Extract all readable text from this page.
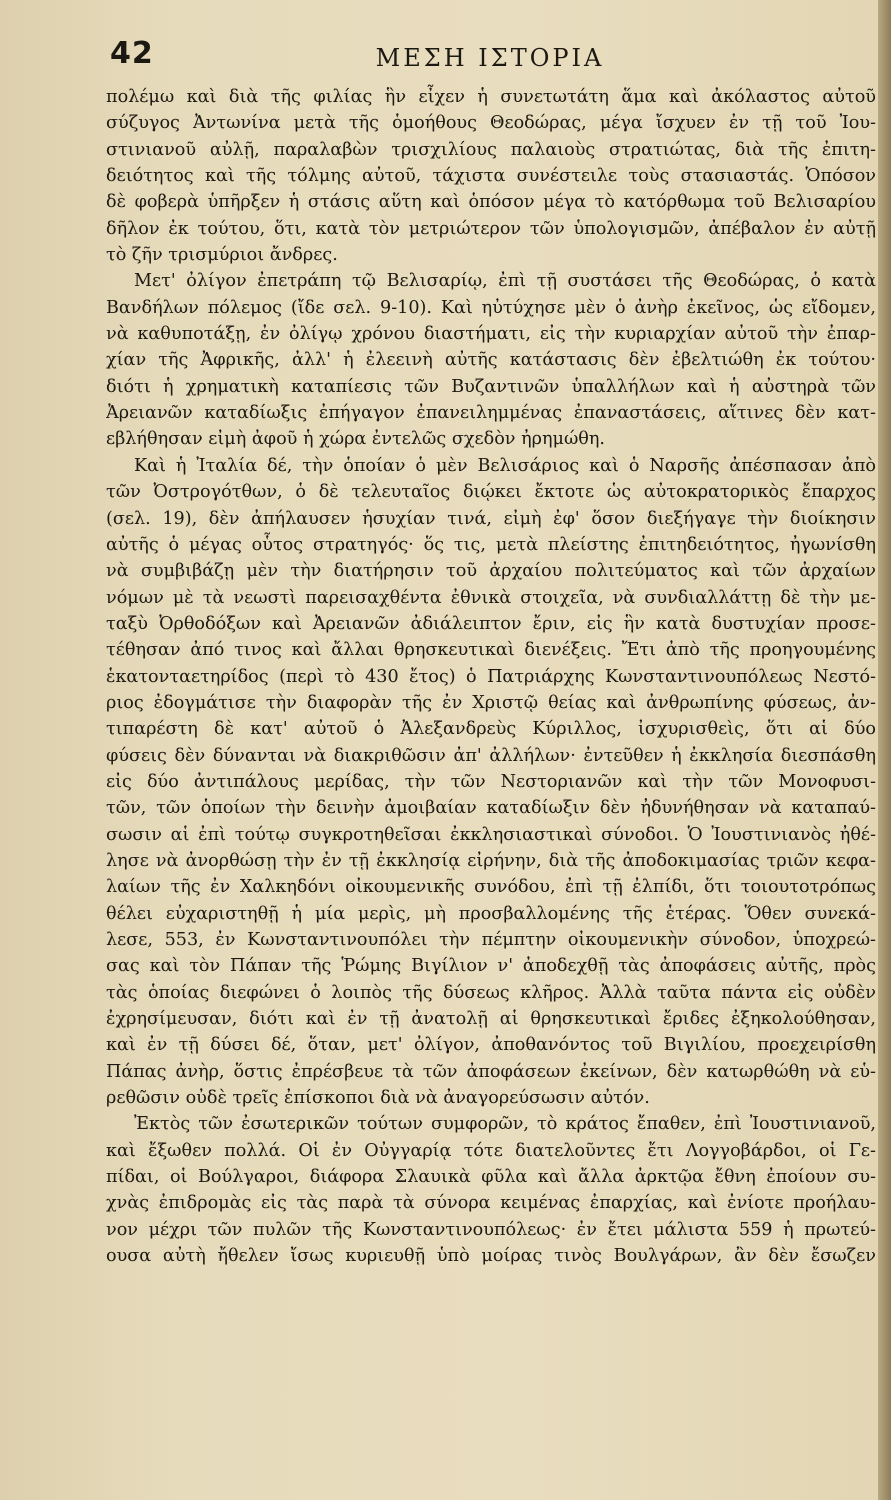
42	ΜΕΣΗ ΙΣΤΟΡΙΑ
πολέμω καὶ διὰ τῆς φιλίας ἣν εἶχεν ἡ συνετωτάτη ἅμα καὶ ἀκόλαστος αὐτοῦ
σύζυγος Ἀντωνίνα μετὰ τῆς ὁμοήθους Θεοδώρας, μέγα ἴσχυεν ἐν τῇ τοῦ Ἰου-
στινιανοῦ αὐλῇ, παραλαβὼν τρισχιλίους παλαιοὺς στρατιώτας, διὰ τῆς ἐπιτη-
δειότητος καὶ τῆς τόλμης αὐτοῦ, τάχιστα συνέστειλε τοὺς στασιαστάς. Ὁπόσον
δὲ φοβερὰ ὑπῆρξεν ἡ στάσις αὕτη καὶ ὁπόσον μέγα τὸ κατόρθωμα τοῦ Βελισαρίου
δῆλον ἐκ τούτου, ὅτι, κατὰ τὸν μετριώτερον τῶν ὑπολογισμῶν, ἀπέβαλον ἐν αὐτῇ
τὸ ζῆν τρισμύριοι ἄνδρες.
Μετ' ὀλίγον ἐπετράπη τῷ Βελισαρίῳ, ἐπὶ τῇ συστάσει τῆς Θεοδώρας, ὁ κατὰ
Βανδήλων πόλεμος (ἴδε σελ. 9-10). Καὶ ηὐτύχησε μὲν ὁ ἀνὴρ ἐκεῖνος, ὡς εἴδομεν,
νὰ καθυποτάξῃ, ἐν ὀλίγῳ χρόνου διαστήματι, εἰς τὴν κυριαρχίαν αὐτοῦ τὴν ἐπαρ-
χίαν τῆς Ἀφρικῆς, ἀλλ' ἡ ἐλεεινὴ αὐτῆς κατάστασις δὲν ἐβελτιώθη ἐκ τούτου·
διότι ἡ χρηματικὴ καταπίεσις τῶν Βυζαντινῶν ὑπαλλήλων καὶ ἡ αὐστηρὰ τῶν
Ἀρειανῶν καταδίωξις ἐπήγαγον ἐπανειλημμένας ἐπαναστάσεις, αἵτινες δὲν κατ-
εβλήθησαν εἰμὴ ἀφοῦ ἡ χώρα ἐντελῶς σχεδὸν ἠρημώθη.
Καὶ ἡ Ἰταλία δέ, τὴν ὁποίαν ὁ μὲν Βελισάριος καὶ ὁ Ναρσῆς ἀπέσπασαν ἀπὸ
τῶν Ὀστρογότθων, ὁ δὲ τελευταῖος διῴκει ἔκτοτε ὡς αὐτοκρατορικὸς ἔπαρχος
(σελ. 19), δὲν ἀπήλαυσεν ἡσυχίαν τινά, εἰμὴ ἐφ' ὅσον διεξήγαγε τὴν διοίκησιν
αὐτῆς ὁ μέγας οὗτος στρατηγός· ὅς τις, μετὰ πλείστης ἐπιτηδειότητος, ἠγωνίσθη
νὰ συμβιβάζῃ μὲν τὴν διατήρησιν τοῦ ἀρχαίου πολιτεύματος καὶ τῶν ἀρχαίων
νόμων μὲ τὰ νεωστὶ παρεισαχθέντα ἐθνικὰ στοιχεῖα, νὰ συνδιαλλάττῃ δὲ τὴν με-
ταξὺ Ὀρθοδόξων καὶ Ἀρειανῶν ἀδιάλειπτον ἔριν, εἰς ἣν κατὰ δυστυχίαν προσε-
τέθησαν ἀπό τινος καὶ ἄλλαι θρησκευτικαὶ διενέξεις. Ἔτι ἀπὸ τῆς προηγουμένης
ἑκατονταετηρίδος (περὶ τὸ 430 ἔτος) ὁ Πατριάρχης Κωνσταντινουπόλεως Νεστό-
ριος ἐδογμάτισε τὴν διαφορὰν τῆς ἐν Χριστῷ θείας καὶ ἀνθρωπίνης φύσεως, ἀν-
τιπαρέστη δὲ κατ' αὐτοῦ ὁ Ἀλεξανδρεὺς Κύριλλος, ἰσχυρισθεὶς, ὅτι αἱ δύο
φύσεις δὲν δύνανται νὰ διακριθῶσιν ἀπ' ἀλλήλων· ἐντεῦθεν ἡ ἐκκλησία διεσπάσθη
εἰς δύο ἀντιπάλους μερίδας, τὴν τῶν Νεστοριανῶν καὶ τὴν τῶν Μονοφυσι-
τῶν, τῶν ὁποίων τὴν δεινὴν ἀμοιβαίαν καταδίωξιν δὲν ἠδυνήθησαν νὰ καταπαύ-
σωσιν αἱ ἐπὶ τούτῳ συγκροτηθεῖσαι ἐκκλησιαστικαὶ σύνοδοι. Ὁ Ἰουστινιανὸς ἠθέ-
λησε νὰ ἀνορθώσῃ τὴν ἐν τῇ ἐκκλησίᾳ εἰρήνην, διὰ τῆς ἀποδοκιμασίας τριῶν κεφα-
λαίων τῆς ἐν Χαλκηδόνι οἰκουμενικῆς συνόδου, ἐπὶ τῇ ἐλπίδι, ὅτι τοιουτοτρόπως
θέλει εὐχαριστηθῇ ἡ μία μερὶς, μὴ προσβαλλομένης τῆς ἑτέρας. Ὅθεν συνεκά-
λεσε, 553, ἐν Κωνσταντινουπόλει τὴν πέμπτην οἰκουμενικὴν σύνοδον, ὑποχρεώ-
σας καὶ τὸν Πάπαν τῆς Ῥώμης Βιγίλιον ν' ἀποδεχθῇ τὰς ἀποφάσεις αὐτῆς, πρὸς
τὰς ὁποίας διεφώνει ὁ λοιπὸς τῆς δύσεως κλῆρος. Ἀλλὰ ταῦτα πάντα εἰς οὐδὲν
ἐχρησίμευσαν, διότι καὶ ἐν τῇ ἀνατολῇ αἱ θρησκευτικαὶ ἔριδες ἐξηκολούθησαν,
καὶ ἐν τῇ δύσει δέ, ὅταν, μετ' ὀλίγον, ἀποθανόντος τοῦ Βιγιλίου, προεχειρίσθη
Πάπας ἀνὴρ, ὅστις ἐπρέσβευε τὰ τῶν ἀποφάσεων ἐκείνων, δὲν κατωρθώθη νὰ εὑ-
ρεθῶσιν οὐδὲ τρεῖς ἐπίσκοποι διὰ νὰ ἀναγορεύσωσιν αὐτόν.
Ἐκτὸς τῶν ἐσωτερικῶν τούτων συμφορῶν, τὸ κράτος ἔπαθεν, ἐπὶ Ἰουστινιανοῦ,
καὶ ἔξωθεν πολλά. Οἱ ἐν Οὐγγαρίᾳ τότε διατελοῦντες ἔτι Λογγοβάρδοι, οἱ Γε-
πίδαι, οἱ Βούλγαροι, διάφορα Σλαυικὰ φῦλα καὶ ἄλλα ἀρκτῷα ἔθνη ἐποίουν συ-
χνὰς ἐπιδρομὰς εἰς τὰς παρὰ τὰ σύνορα κειμένας ἐπαρχίας, καὶ ἐνίοτε προήλαυ-
νον μέχρι τῶν πυλῶν τῆς Κωνσταντινουπόλεως· ἐν ἔτει μάλιστα 559 ἡ πρωτεύ-
ουσα αὐτὴ ἤθελεν ἴσως κυριευθῇ ὑπὸ μοίρας τινὸς Βουλγάρων, ἂν δὲν ἔσωζεν
